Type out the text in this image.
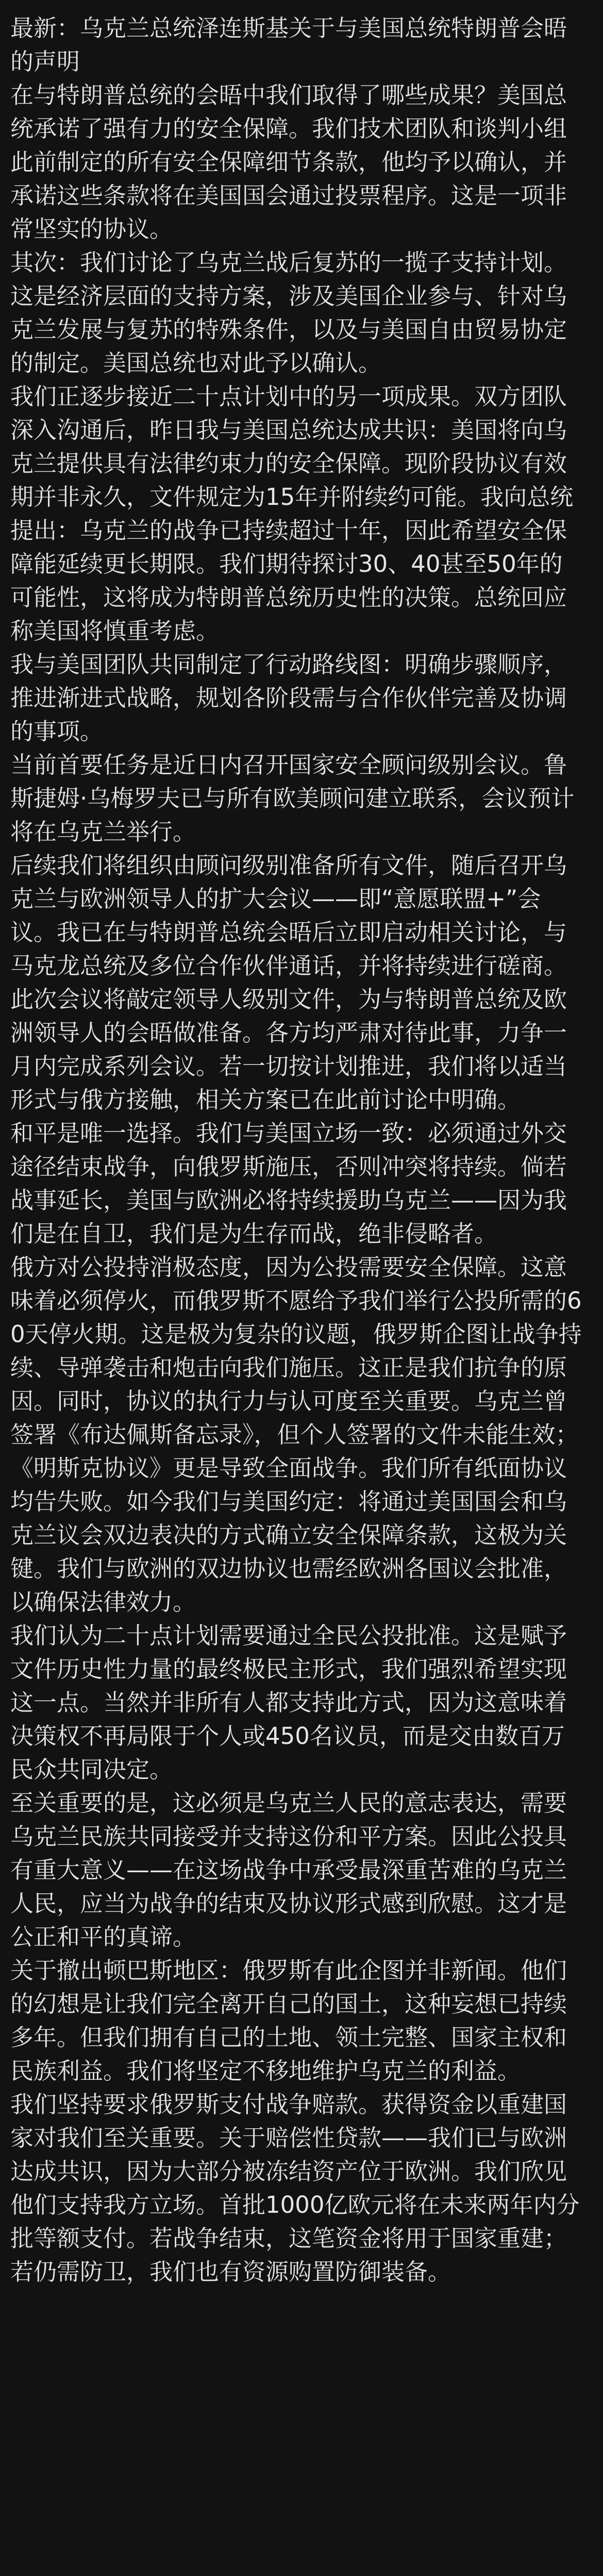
最新：乌克兰总统泽连斯基关于与美国总统特朗普会晤的声明

在与特朗普总统的会晤中我们取得了哪些成果？美国总统承诺了强有力的安全保障。我们技术团队和谈判小组此前制定的所有安全保障细节条款，他均予以确认，并承诺这些条款将在美国国会通过投票程序。这是一项非常坚实的协议。

其次：我们讨论了乌克兰战后复苏的一揽子支持计划。这是经济层面的支持方案，涉及美国企业参与、针对乌克兰发展与复苏的特殊条件，以及与美国自由贸易协定的制定。美国总统也对此予以确认。

我们正逐步接近二十点计划中的另一项成果。双方团队深入沟通后，昨日我与美国总统达成共识：美国将向乌克兰提供具有法律约束力的安全保障。现阶段协议有效期并非永久，文件规定为15年并附续约可能。我向总统提出：乌克兰的战争已持续超过十年，因此希望安全保障能延续更长期限。我们期待探讨30、40甚至50年的可能性，这将成为特朗普总统历史性的决策。总统回应称美国将慎重考虑。

我与美国团队共同制定了行动路线图：明确步骤顺序，推进渐进式战略，规划各阶段需与合作伙伴完善及协调的事项。

当前首要任务是近日内召开国家安全顾问级别会议。鲁斯捷姆·乌梅罗夫已与所有欧美顾问建立联系，会议预计将在乌克兰举行。

后续我们将组织由顾问级别准备所有文件，随后召开乌克兰与欧洲领导人的扩大会议——即“意愿联盟+”会议。我已在与特朗普总统会晤后立即启动相关讨论，与马克龙总统及多位合作伙伴通话，并将持续进行磋商。

此次会议将敲定领导人级别文件，为与特朗普总统及欧洲领导人的会晤做准备。各方均严肃对待此事，力争一月内完成系列会议。若一切按计划推进，我们将以适当形式与俄方接触，相关方案已在此前讨论中明确。

和平是唯一选择。我们与美国立场一致：必须通过外交途径结束战争，向俄罗斯施压，否则冲突将持续。倘若战事延长，美国与欧洲必将持续援助乌克兰——因为我们是在自卫，我们是为生存而战，绝非侵略者。

俄方对公投持消极态度，因为公投需要安全保障。这意味着必须停火，而俄罗斯不愿给予我们举行公投所需的60天停火期。这是极为复杂的议题，俄罗斯企图让战争持续、导弹袭击和炮击向我们施压。这正是我们抗争的原因。同时，协议的执行力与认可度至关重要。乌克兰曾签署《布达佩斯备忘录》，但个人签署的文件未能生效；《明斯克协议》更是导致全面战争。我们所有纸面协议均告失败。如今我们与美国约定：将通过美国国会和乌克兰议会双边表决的方式确立安全保障条款，这极为关键。我们与欧洲的双边协议也需经欧洲各国议会批准，以确保法律效力。

我们认为二十点计划需要通过全民公投批准。这是赋予文件历史性力量的最终极民主形式，我们强烈希望实现这一点。当然并非所有人都支持此方式，因为这意味着决策权不再局限于个人或450名议员，而是交由数百万民众共同决定。

至关重要的是，这必须是乌克兰人民的意志表达，需要乌克兰民族共同接受并支持这份和平方案。因此公投具有重大意义——在这场战争中承受最深重苦难的乌克兰人民，应当为战争的结束及协议形式感到欣慰。这才是公正和平的真谛。

关于撤出顿巴斯地区：俄罗斯有此企图并非新闻。他们的幻想是让我们完全离开自己的国土，这种妄想已持续多年。但我们拥有自己的土地、领土完整、国家主权和民族利益。我们将坚定不移地维护乌克兰的利益。

我们坚持要求俄罗斯支付战争赔款。获得资金以重建国家对我们至关重要。关于赔偿性贷款——我们已与欧洲达成共识，因为大部分被冻结资产位于欧洲。我们欣见他们支持我方立场。首批1000亿欧元将在未来两年内分批等额支付。若战争结束，这笔资金将用于国家重建；若仍需防卫，我们也有资源购置防御装备。
